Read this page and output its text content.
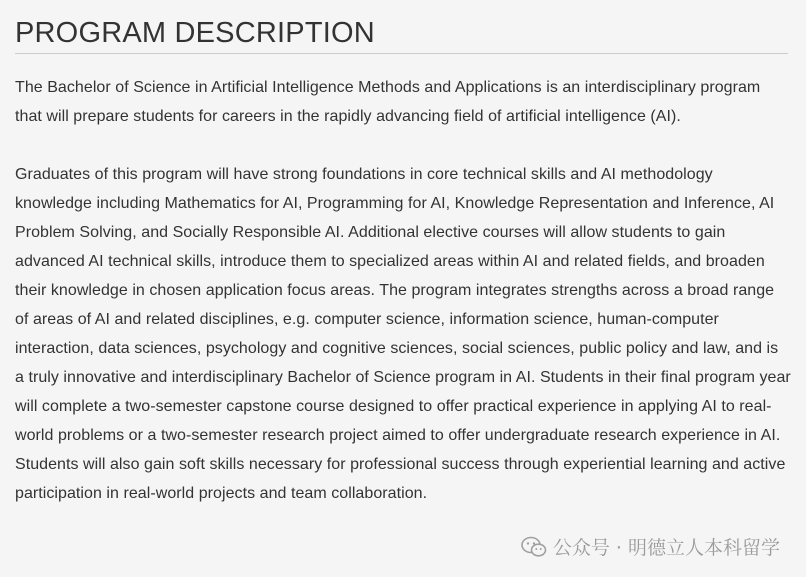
PROGRAM DESCRIPTION

The Bachelor of Science in Artificial Intelligence Methods and Applications is an interdisciplinary program that will prepare students for careers in the rapidly advancing field of artificial intelligence (AI).

Graduates of this program will have strong foundations in core technical skills and AI methodology knowledge including Mathematics for AI, Programming for AI, Knowledge Representation and Inference, AI Problem Solving, and Socially Responsible AI. Additional elective courses will allow students to gain advanced AI technical skills, introduce them to specialized areas within AI and related fields, and broaden their knowledge in chosen application focus areas. The program integrates strengths across a broad range of areas of AI and related disciplines, e.g. computer science, information science, human-computer interaction, data sciences, psychology and cognitive sciences, social sciences, public policy and law, and is a truly innovative and interdisciplinary Bachelor of Science program in AI. Students in their final program year will complete a two-semester capstone course designed to offer practical experience in applying AI to real-world problems or a two-semester research project aimed to offer undergraduate research experience in AI. Students will also gain soft skills necessary for professional success through experiential learning and active participation in real-world projects and team collaboration.

公众号 · 明德立人本科留学
